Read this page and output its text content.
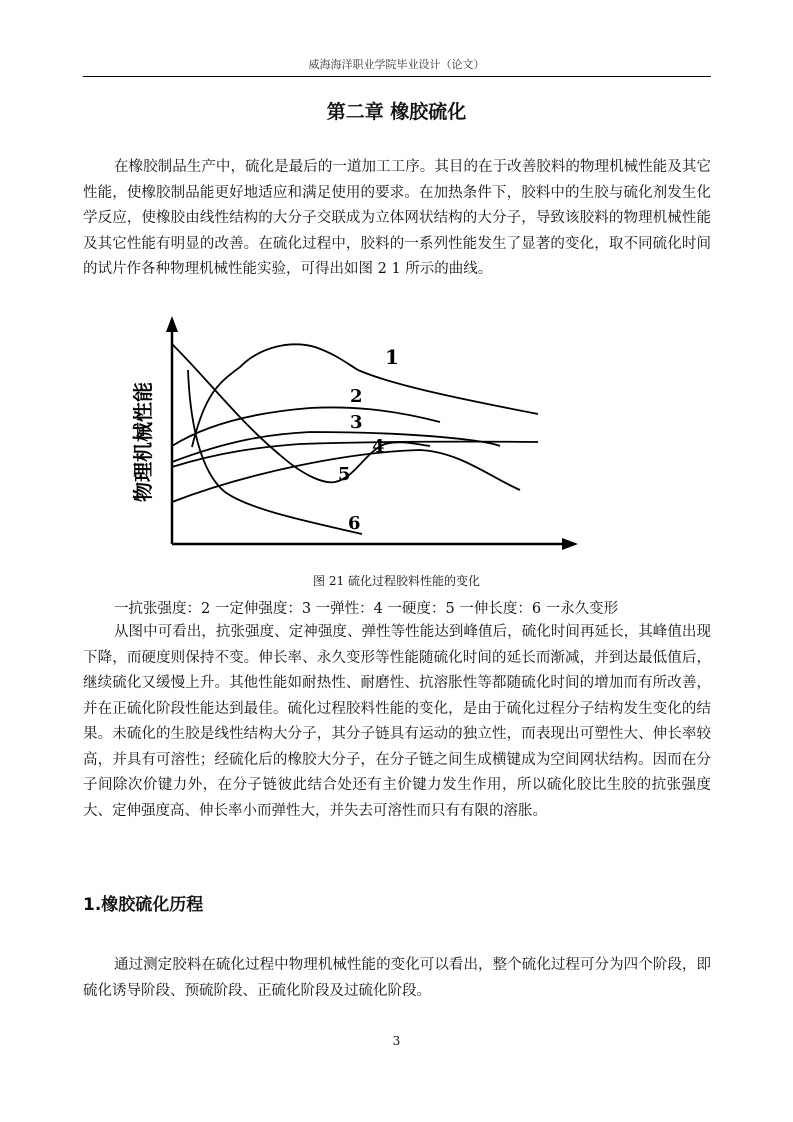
威海海洋职业学院毕业设计（论文）
第二章 橡胶硫化

在橡胶制品生产中，硫化是最后的一道加工工序。其目的在于改善胶料的物理机械性能及其它性能，使橡胶制品能更好地适应和满足使用的要求。在加热条件下，胶料中的生胶与硫化剂发生化学反应，使橡胶由线性结构的大分子交联成为立体网状结构的大分子，导致该胶料的物理机械性能及其它性能有明显的改善。在硫化过程中，胶料的一系列性能发生了显著的变化，取不同硫化时间的试片作各种物理机械性能实验，可得出如图 2 1 所示的曲线。

1
2
3
4
5
6
物理机械性能
图 21 硫化过程胶料性能的变化
一抗张强度：2 一定伸强度：3 一弹性：4 一硬度：5 一伸长度：6 一永久变形

从图中可看出，抗张强度、定神强度、弹性等性能达到峰值后，硫化时间再延长，其峰值出现下降，而硬度则保持不变。伸长率、永久变形等性能随硫化时间的延长而渐减，并到达最低值后，继续硫化又缓慢上升。其他性能如耐热性、耐磨性、抗溶胀性等都随硫化时间的增加而有所改善，并在正硫化阶段性能达到最佳。硫化过程胶料性能的变化，是由于硫化过程分子结构发生变化的结果。未硫化的生胶是线性结构大分子，其分子链具有运动的独立性，而表现出可塑性大、伸长率较高，并具有可溶性；经硫化后的橡胶大分子，在分子链之间生成横键成为空间网状结构。因而在分子间除次价键力外，在分子链彼此结合处还有主价键力发生作用，所以硫化胶比生胶的抗张强度大、定伸强度高、伸长率小而弹性大，并失去可溶性而只有有限的溶胀。

1.橡胶硫化历程

通过测定胶料在硫化过程中物理机械性能的变化可以看出，整个硫化过程可分为四个阶段，即硫化诱导阶段、预硫阶段、正硫化阶段及过硫化阶段。

3
